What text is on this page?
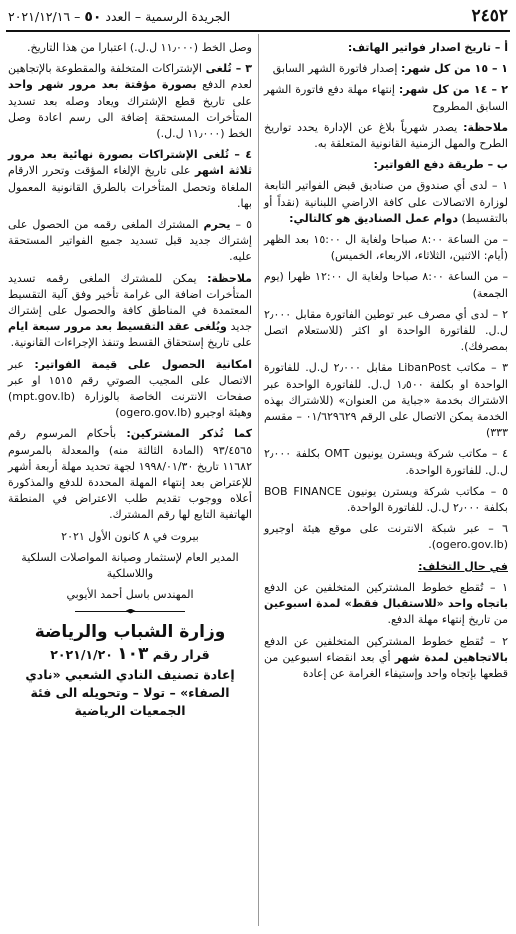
٢٤٥٢
الجريدة الرسمية – العدد ٥٠ – ٢٠٢١/١٢/١٦

أ – تاريخ اصدار فواتير الهاتف:

١ – ١٥ من كل شهر: إصدار فاتورة الشهر السابق

٢ – ١٤ من كل شهر: إنتهاء مهلة دفع فاتورة الشهر السابق المطروح

ملاحظة: يصدر شهرياً بلاغ عن الإدارة يحدد تواريخ الطرح والمهل الزمنية القانونية المتعلقة به.

ب – طريقة دفع الفواتير:

١ – لدى أي صندوق من صناديق قبض الفواتير التابعة لوزارة الاتصالات على كافة الاراضي اللبنانية (نقداً أو بالتقسيط) دوام عمل الصناديق هو كالتالي:

– من الساعة ٨:٠٠ صباحا ولغاية ال ١٥:٠٠ بعد الظهر (أيام: الاثنين، الثلاثاء، الاربعاء، الخميس)

– من الساعة ٨:٠٠ صباحا ولغاية ال ١٢:٠٠ ظهرا (يوم الجمعة)

٢ – لدى أي مصرف عبر توطين الفاتورة مقابل ٢٫٠٠٠ ل.ل. للفاتورة الواحدة او اكثر (للاستعلام اتصل بمصرفك).

٣ – مكاتب LibanPost مقابل ٢٫٠٠٠ ل.ل. للفاتورة الواحدة او بكلفة ١٫٥٠٠ ل.ل. للفاتورة الواحدة عبر الاشتراك بخدمة «جباية من العنوان» (للاشتراك بهذه الخدمة يمكن الاتصال على الرقم ٠١/٦٢٩٦٢٩ – مقسم ٣٣٣)

٤ – مكاتب شركة ويسترن يونيون OMT بكلفة ٢٫٠٠٠ ل.ل. للفاتورة الواحدة.

٥ – مكاتب شركة ويسترن يونيون BOB FINANCE بكلفة ٢٫٠٠٠ ل.ل. للفاتورة الواحدة.

٦ – عبر شبكة الانترنت على موقع هيئة اوجيرو (ogero.gov.lb).

في حال التخلف:

١ – تُقطع خطوط المشتركين المتخلفين عن الدفع باتجاه واحد «للاستقبال فقط» لمدة اسبوعين من تاريخ إنتهاء مهلة الدفع.

٢ – تُقطع خطوط المشتركين المتخلفين عن الدفع بالاتجاهين لمدة شهر أي بعد انقضاء اسبوعين من قطعها بإتجاه واحد وإستيفاء الغرامة عن إعادة

وصل الخط (١١٫٠٠٠ ل.ل.) اعتبارا من هذا التاريخ.

٣ – تُلغى الإشتراكات المتخلفة والمقطوعة بالإتجاهين لعدم الدفع بصورة مؤقتة بعد مرور شهر واحد على تاريخ قطع الإشتراك ويعاد وصله بعد تسديد المتأخرات المستحقة إضافة الى رسم اعادة وصل الخط (١١٫٠٠٠ ل.ل.)

٤ – تُلغى الإشتراكات بصورة نهائية بعد مرور ثلاثة اشهر على تاريخ الإلغاء المؤقت وتحرر الارقام الملغاة وتحصل المتأخرات بالطرق القانونية المعمول بها.

٥ – يحرم المشترك الملغى رقمه من الحصول على إشتراك جديد قبل تسديد جميع الفواتير المستحقة عليه.

ملاحظة: يمكن للمشترك الملغى رقمه تسديد المتأخرات اضافة الى غرامة تأخير وفق آلية التقسيط المعتمدة في المناطق كافة والحصول على إشتراك جديد ويُلغى عقد التقسيط بعد مرور سبعة ايام على تاريخ إستحقاق القسط وتنفذ الإجراءات القانونية.

امكانية الحصول على قيمة الفواتير: عبر الاتصال على المجيب الصوتي رقم ١٥١٥ او عبر صفحات الانترنت الخاصة بالوزارة (mpt.gov.lb) وهيئة اوجيرو (ogero.gov.lb)

كما تُذكر المشتركين: بأحكام المرسوم رقم ٩٣/٤٥٦٥ (المادة الثالثة منه) والمعدلة بالمرسوم ١١٦٨٢ تاريخ ١٩٩٨/٠١/٣٠ لجهة تحديد مهلة أربعة أشهر للإعتراض بعد إنتهاء المهلة المحددة للدفع والمذكورة أعلاه ووجوب تقديم طلب الاعتراض في المنطقة الهاتفية التابع لها رقم المشترك.

بيروت في ٨ كانون الأول ٢٠٢١

المدير العام لإستثمار وصيانة المواصلات السلكية واللاسلكية

المهندس باسل أحمد الأيوبي

وزارة الشباب والرياضة
قرار رقم ١٠٣ ٢٠٢١/١/٢٠
إعادة تصنيف النادي الشعبي «نادي الصفاء» – تولا – وتحويله الى فئة الجمعيات الرياضية
